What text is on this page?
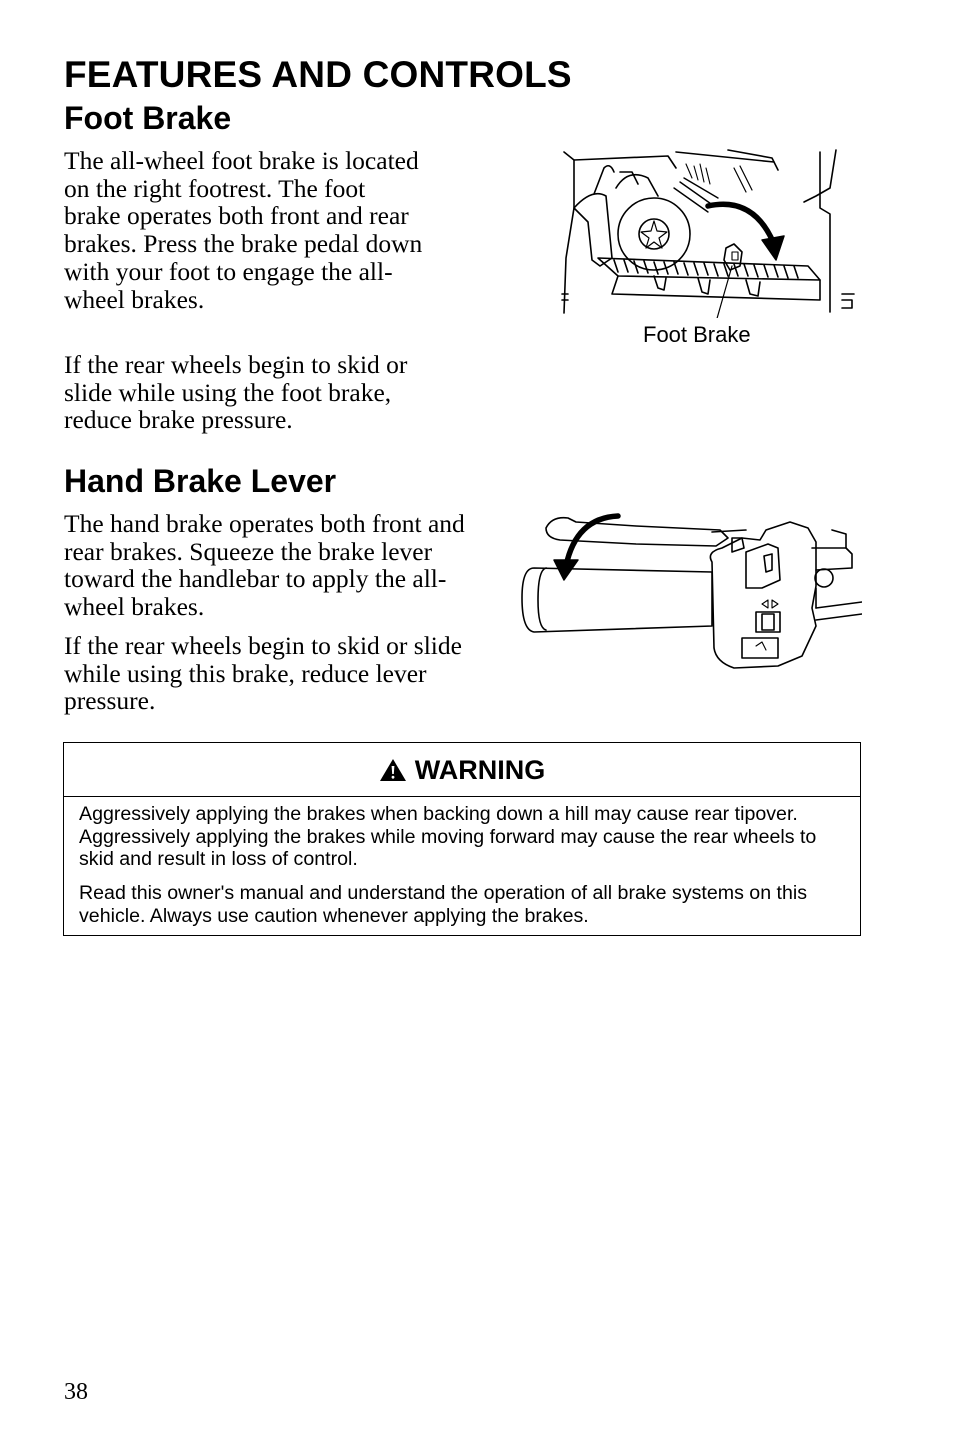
FEATURES AND CONTROLS
Foot Brake

The all-wheel foot brake is located on the right footrest. The foot brake operates both front and rear brakes. Press the brake pedal down with your foot to engage the all-wheel brakes.

If the rear wheels begin to skid or slide while using the foot brake, reduce brake pressure.

Foot Brake
Hand Brake Lever

The hand brake operates both front and rear brakes. Squeeze the brake lever toward the handlebar to apply the all-wheel brakes.

If the rear wheels begin to skid or slide while using this brake, reduce lever pressure.

WARNING

Aggressively applying the brakes when backing down a hill may cause rear tipover. Aggressively applying the brakes while moving forward may cause the rear wheels to skid and result in loss of control.

Read this owner's manual and understand the operation of all brake systems on this vehicle. Always use caution whenever applying the brakes.

38
